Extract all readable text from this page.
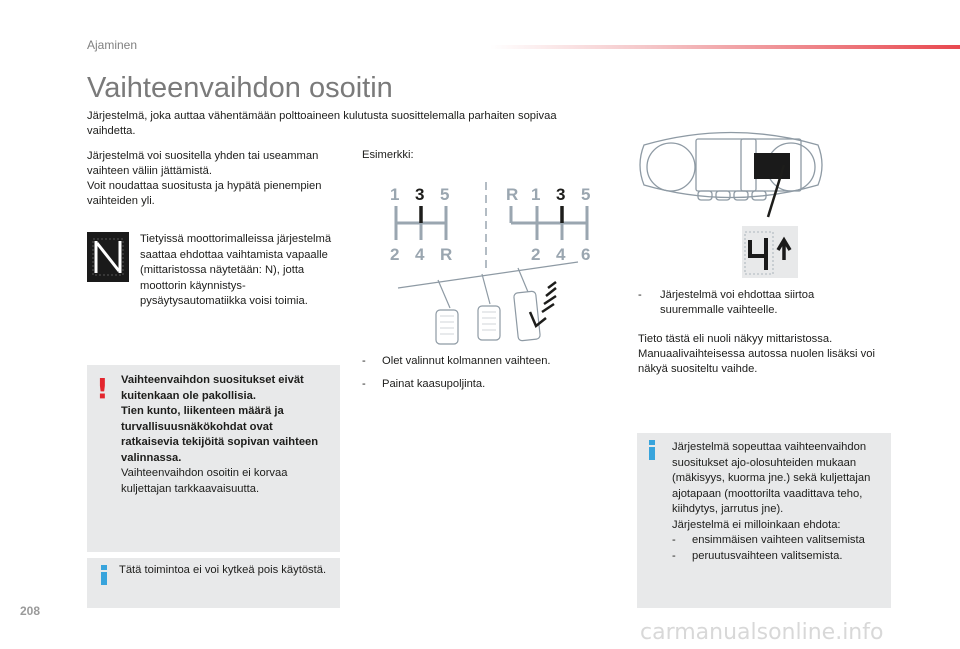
Ajaminen
Vaihteenvaihdon osoitin
Järjestelmä, joka auttaa vähentämään polttoaineen kulutusta suosittelemalla parhaiten sopivaa vaihdetta.
Järjestelmä voi suositella yhden tai useamman vaihteen väliin jättämistä.
Voit noudattaa suositusta ja hypätä pienempien vaihteiden yli.
Tietyissä moottorimalleissa järjestelmä saattaa ehdottaa vaihtamista vapaalle (mittaristossa näytetään: N), jotta moottorin käynnistys-pysäytysautomatiikka voisi toimia.
! Vaihteenvaihdon suositukset eivät kuitenkaan ole pakollisia.
Tien kunto, liikenteen määrä ja turvallisuusnäkökohdat ovat ratkaisevia tekijöitä sopivan vaihteen valinnassa.
Vaihteenvaihdon osoitin ei korvaa kuljettajan tarkkaavaisuutta.
Tätä toimintoa ei voi kytkeä pois käytöstä.
Esimerkki:
1 3 5
2 4 R
R 1 3 5
2 4 6
- Olet valinnut kolmannen vaihteen.
- Painat kaasupoljinta.
- Järjestelmä voi ehdottaa siirtoa suuremmalle vaihteelle.
Tieto tästä eli nuoli näkyy mittaristossa. Manuaalivaihteisessa autossa nuolen lisäksi voi näkyä suositeltu vaihde.
Järjestelmä sopeuttaa vaihteenvaihdon suositukset ajo-olosuhteiden mukaan (mäkisyys, kuorma jne.) sekä kuljettajan ajotapaan (moottorilta vaadittava teho, kiihdytys, jarrutus jne).
Järjestelmä ei milloinkaan ehdota:
- ensimmäisen vaihteen valitsemista
- peruutusvaihteen valitsemista.
208
carmanualsonline.info
